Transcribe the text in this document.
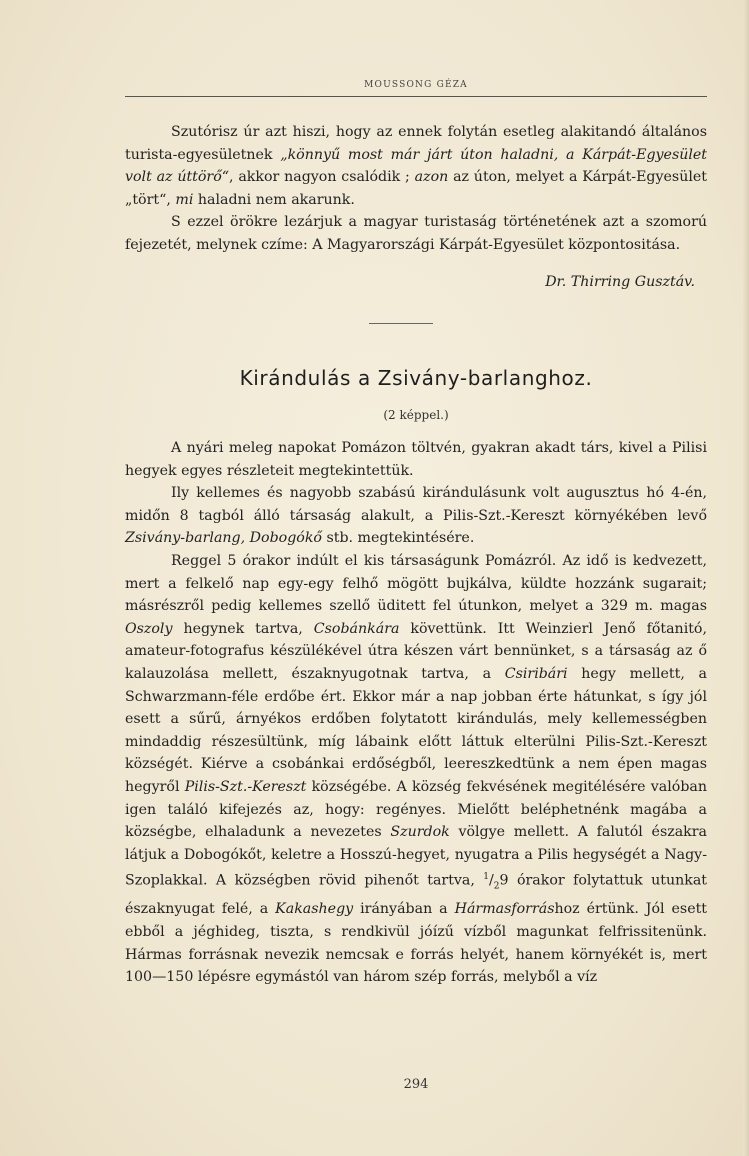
MOUSSONG GÉZA

Szutórisz úr azt hiszi, hogy az ennek folytán esetleg alakitandó általános turista-egyesületnek „könnyű most már járt úton haladni, a Kárpát-Egyesület volt az úttörő“, akkor nagyon csalódik ; azon az úton, melyet a Kárpát-Egyesület „tört“, mi haladni nem akarunk.

S ezzel örökre lezárjuk a magyar turistaság történetének azt a szomorú fejezetét, melynek czíme: A Magyarországi Kárpát-Egyesület központositása.

Dr. Thirring Gusztáv.
Kirándulás a Zsivány-barlanghoz.
(2 képpel.)

A nyári meleg napokat Pomázon töltvén, gyakran akadt társ, kivel a Pilisi hegyek egyes részleteit megtekintettük.

Ily kellemes és nagyobb szabású kirándulásunk volt augusztus hó 4-én, midőn 8 tagból álló társaság alakult, a Pilis-Szt.-Kereszt környékében levő Zsivány-barlang, Dobogókő stb. megtekintésére.

Reggel 5 órakor indúlt el kis társaságunk Pomázról. Az idő is kedvezett, mert a felkelő nap egy-egy felhő mögött bujkálva, küldte hozzánk sugarait; másrészről pedig kellemes szellő üditett fel útunkon, melyet a 329 m. magas Oszoly hegynek tartva, Csobánkára követtünk. Itt Weinzierl Jenő főtanitó, amateur-fotografus készülékével útra készen várt bennünket, s a társaság az ő kalauzolása mellett, északnyugotnak tartva, a Csiribári hegy mellett, a Schwarzmann-féle erdőbe ért. Ekkor már a nap jobban érte hátunkat, s így jól esett a sűrű, árnyékos erdőben folytatott kirándulás, mely kellemességben mindaddig részesültünk, míg lábaink előtt láttuk elterülni Pilis-Szt.-Kereszt községét. Kiérve a csobánkai erdőségből, leereszkedtünk a nem épen magas hegyről Pilis-Szt.-Kereszt községébe. A község fekvésének megitélésére valóban igen találó kifejezés az, hogy: regényes. Mielőtt beléphetnénk magába a községbe, elhaladunk a nevezetes Szurdok völgye mellett. A falutól északra látjuk a Dobogókőt, keletre a Hosszú-hegyet, nyugatra a Pilis hegységét a Nagy-Szoplakkal. A községben rövid pihenőt tartva, $^1/_29$ órakor folytattuk utunkat északnyugat felé, a Kakashegy irányában a Hármasforráshoz értünk. Jól esett ebből a jéghideg, tiszta, s rendkivül jóízű vízből magunkat felfrissitenünk. Hármas forrásnak nevezik nemcsak e forrás helyét, hanem környékét is, mert 100—150 lépésre egymástól van három szép forrás, melyből a víz

294
